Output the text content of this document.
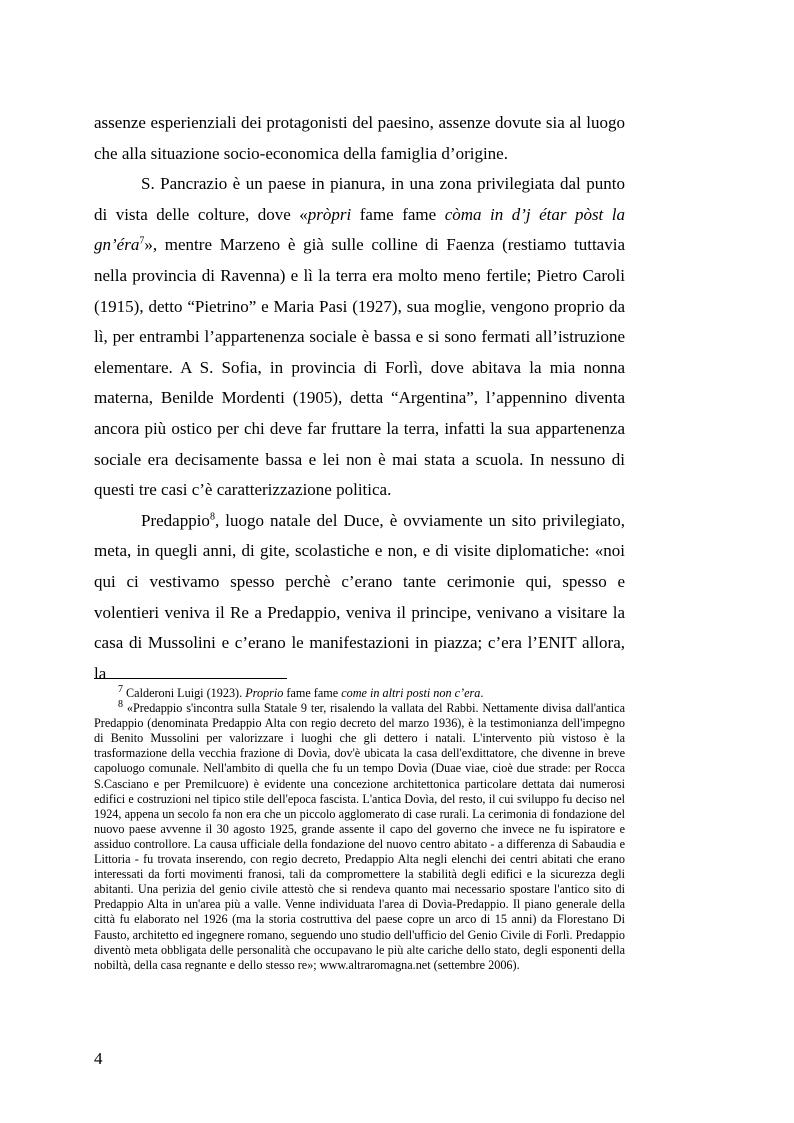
assenze esperienziali dei protagonisti del paesino, assenze dovute sia al luogo che alla situazione socio-economica della famiglia d’origine.

S. Pancrazio è un paese in pianura, in una zona privilegiata dal punto di vista delle colture, dove «pròpri fame fame còma in d’j étar pòst la gn’éra$^7$», mentre Marzeno è già sulle colline di Faenza (restiamo tuttavia nella provincia di Ravenna) e lì la terra era molto meno fertile; Pietro Caroli (1915), detto “Pietrino” e Maria Pasi (1927), sua moglie, vengono proprio da lì, per entrambi l’appartenenza sociale è bassa e si sono fermati all’istruzione elementare. A S. Sofia, in provincia di Forlì, dove abitava la mia nonna materna, Benilde Mordenti (1905), detta “Argentina”, l’appennino diventa ancora più ostico per chi deve far fruttare la terra, infatti la sua appartenenza sociale era decisamente bassa e lei non è mai stata a scuola. In nessuno di questi tre casi c’è caratterizzazione politica.

Predappio$^8$, luogo natale del Duce, è ovviamente un sito privilegiato, meta, in quegli anni, di gite, scolastiche e non, e di visite diplomatiche: «noi qui ci vestivamo spesso perchè c’erano tante cerimonie qui, spesso e volentieri veniva il Re a Predappio, veniva il principe, venivano a visitare la casa di Mussolini e c’erano le manifestazioni in piazza; c’era l’ENIT allora, la

$^7$ Calderoni Luigi (1923). Proprio fame fame come in altri posti non c’era.

$^8$ «Predappio s'incontra sulla Statale 9 ter, risalendo la vallata del Rabbi. Nettamente divisa dall'antica Predappio (denominata Predappio Alta con regio decreto del marzo 1936), è la testimonianza dell'impegno di Benito Mussolini per valorizzare i luoghi che gli dettero i natali. L'intervento più vistoso è la trasformazione della vecchia frazione di Dovìa, dov'è ubicata la casa dell'exdittatore, che divenne in breve capoluogo comunale. Nell'ambito di quella che fu un tempo Dovìa (Duae viae, cioè due strade: per Rocca S.Casciano e per Premilcuore) è evidente una concezione architettonica particolare dettata dai numerosi edifici e costruzioni nel tipico stile dell'epoca fascista. L'antica Dovìa, del resto, il cui sviluppo fu deciso nel 1924, appena un secolo fa non era che un piccolo agglomerato di case rurali. La cerimonia di fondazione del nuovo paese avvenne il 30 agosto 1925, grande assente il capo del governo che invece ne fu ispiratore e assiduo controllore. La causa ufficiale della fondazione del nuovo centro abitato - a differenza di Sabaudia e Littoria - fu trovata inserendo, con regio decreto, Predappio Alta negli elenchi dei centri abitati che erano interessati da forti movimenti franosi, tali da compromettere la stabilità degli edifici e la sicurezza degli abitanti. Una perizia del genio civile attestò che si rendeva quanto mai necessario spostare l'antico sito di Predappio Alta in un'area più a valle. Venne individuata l'area di Dovìa-Predappio. Il piano generale della città fu elaborato nel 1926 (ma la storia costruttiva del paese copre un arco di 15 anni) da Florestano Di Fausto, architetto ed ingegnere romano, seguendo uno studio dell'ufficio del Genio Civile di Forlì. Predappio diventò meta obbligata delle personalità che occupavano le più alte cariche dello stato, degli esponenti della nobiltà, della casa regnante e dello stesso re»; www.altraromagna.net (settembre 2006).

4
